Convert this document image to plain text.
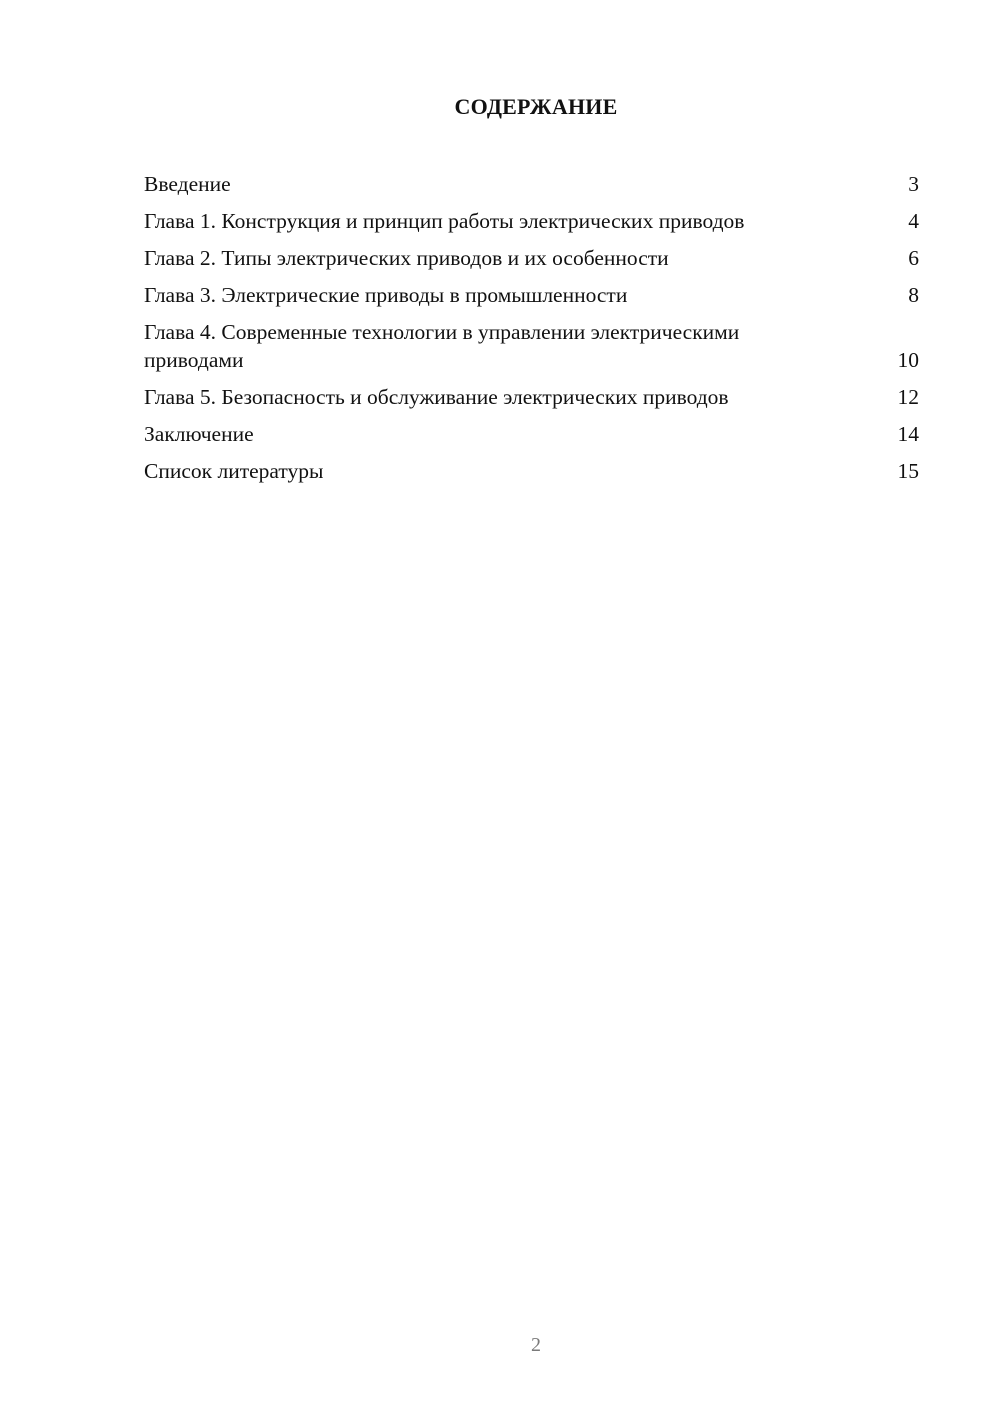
СОДЕРЖАНИЕ
Введение	3
Глава 1. Конструкция и принцип работы электрических приводов	4
Глава 2. Типы электрических приводов и их особенности	6
Глава 3. Электрические приводы в промышленности	8
Глава 4. Современные технологии в управлении электрическими приводами	10
Глава 5. Безопасность и обслуживание электрических приводов	12
Заключение	14
Список литературы	15
2
